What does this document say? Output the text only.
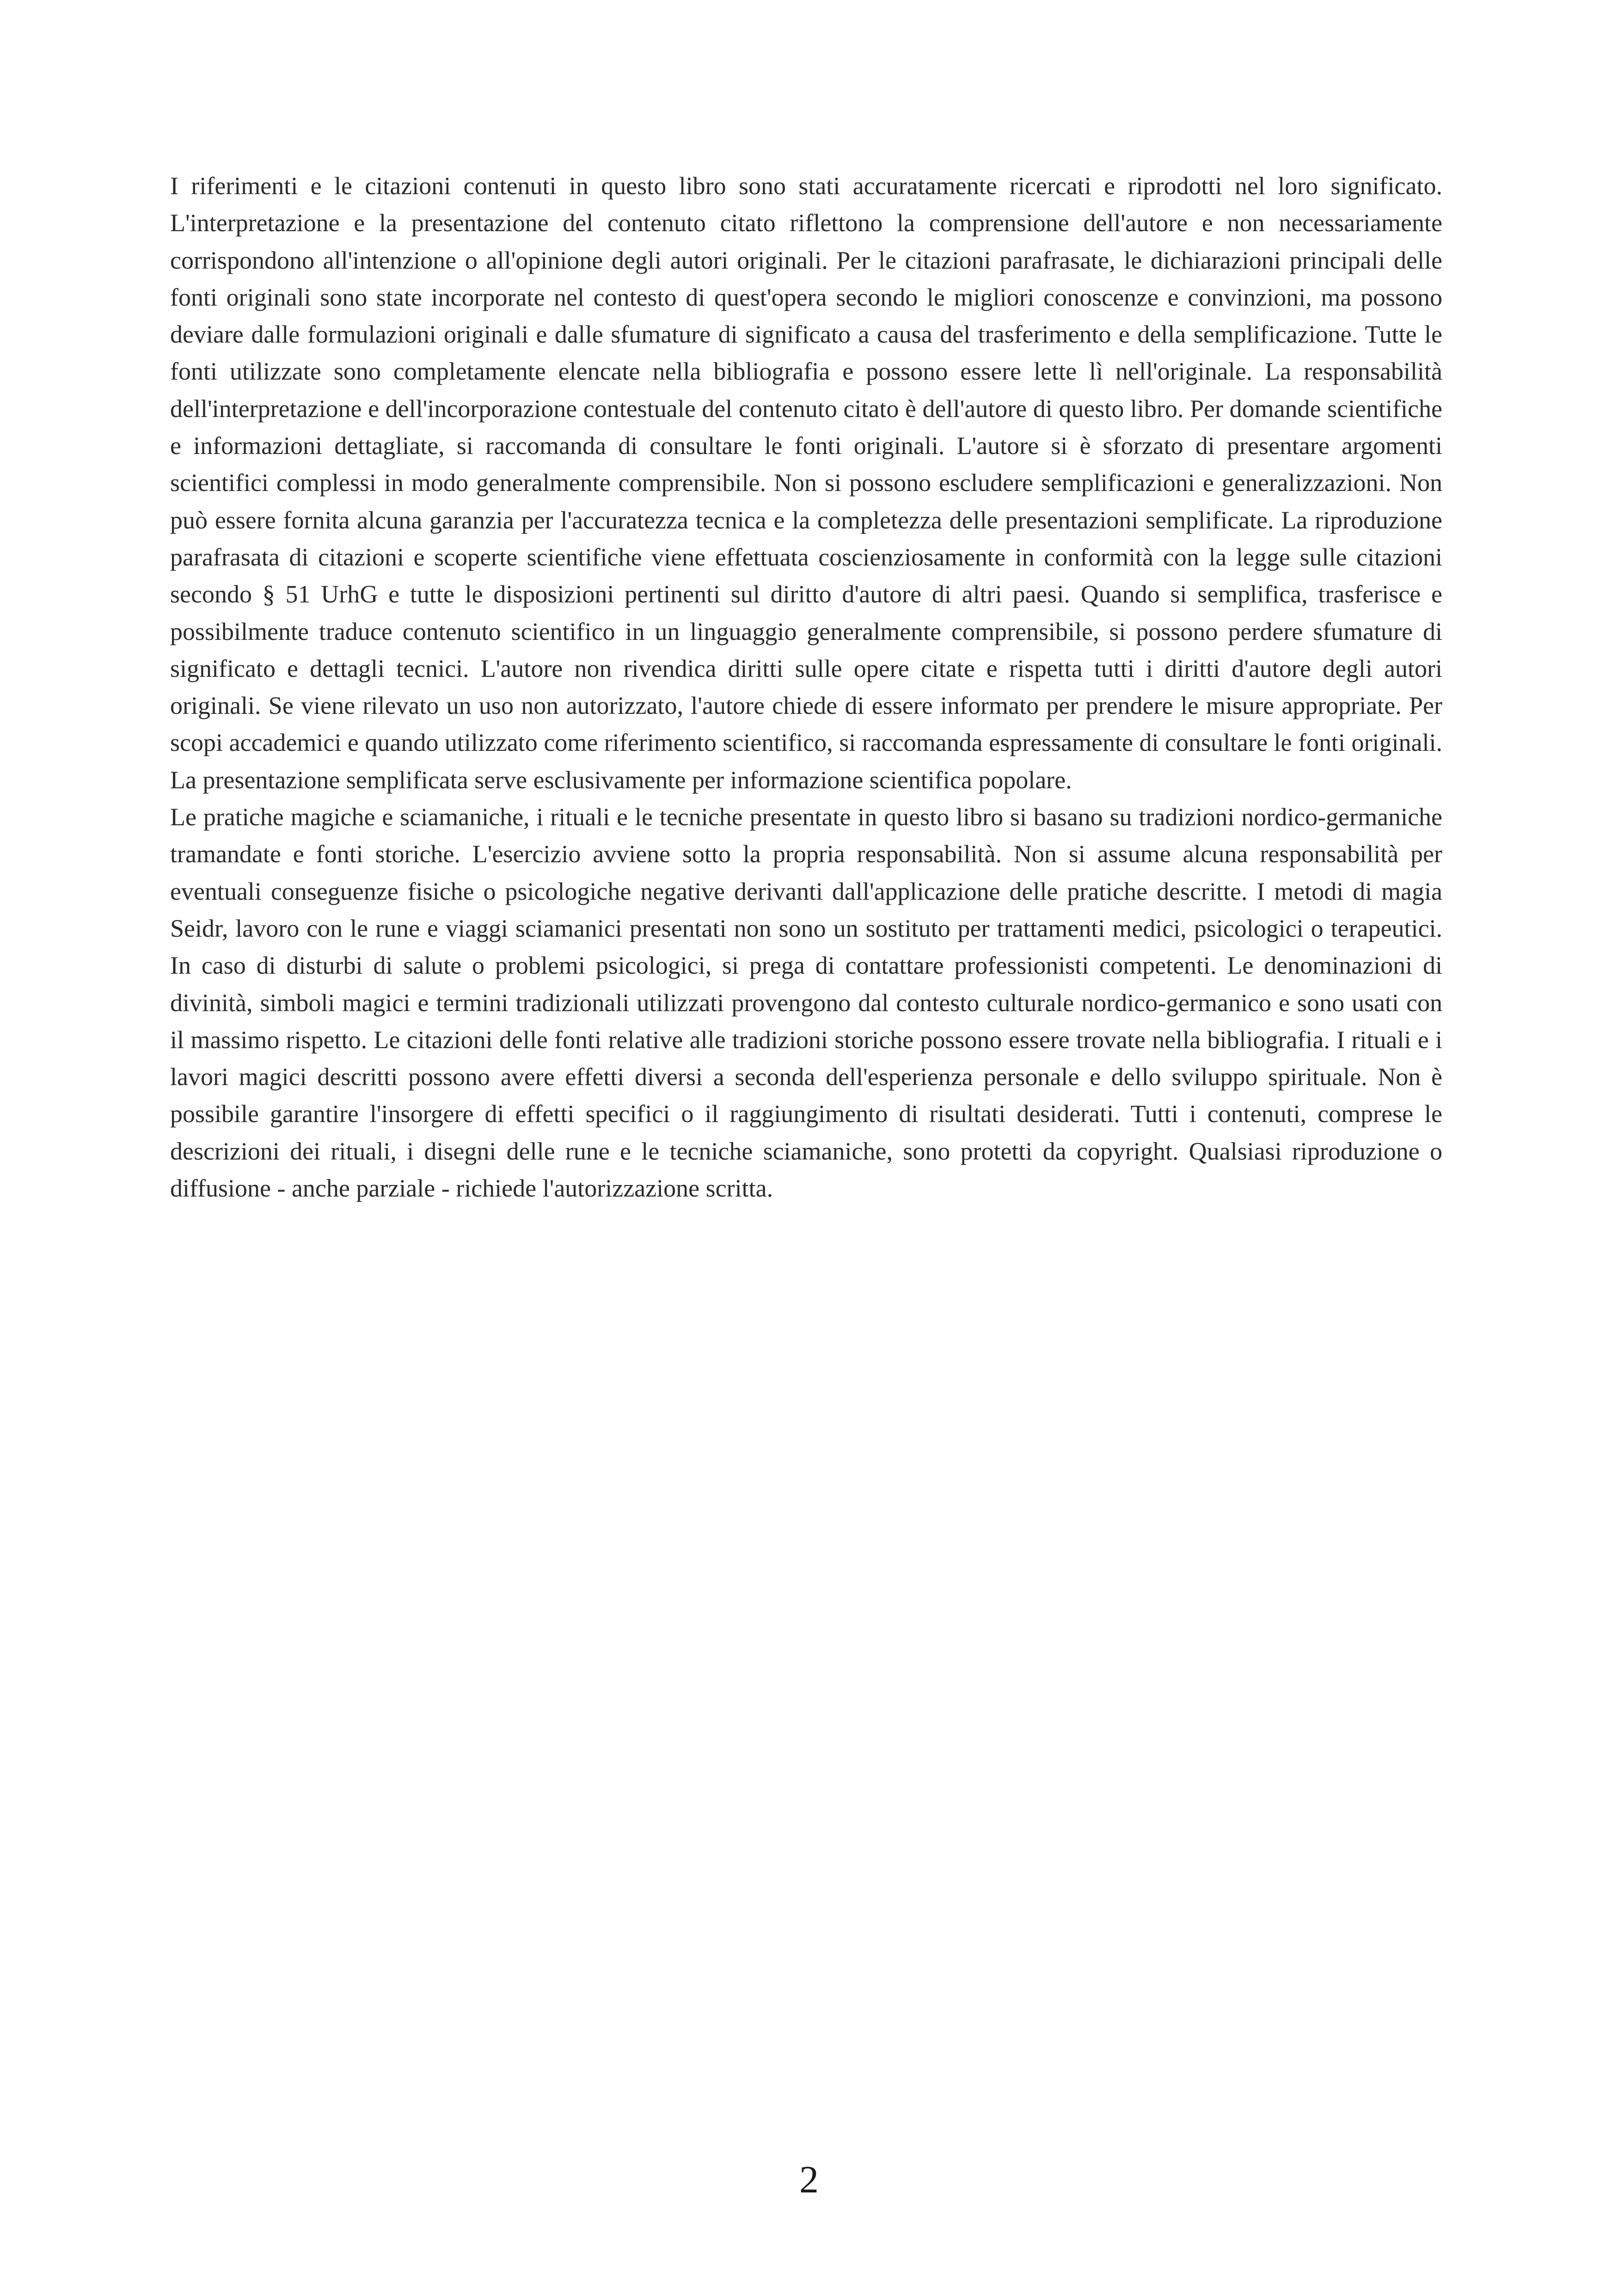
I riferimenti e le citazioni contenuti in questo libro sono stati accuratamente ricercati e riprodotti nel loro significato. L'interpretazione e la presentazione del contenuto citato riflettono la comprensione dell'autore e non necessariamente corrispondono all'intenzione o all'opinione degli autori originali. Per le citazioni parafrasate, le dichiarazioni principali delle fonti originali sono state incorporate nel contesto di quest'opera secondo le migliori conoscenze e convinzioni, ma possono deviare dalle formulazioni originali e dalle sfumature di significato a causa del trasferimento e della semplificazione. Tutte le fonti utilizzate sono completamente elencate nella bibliografia e possono essere lette lì nell'originale. La responsabilità dell'interpretazione e dell'incorporazione contestuale del contenuto citato è dell'autore di questo libro. Per domande scientifiche e informazioni dettagliate, si raccomanda di consultare le fonti originali. L'autore si è sforzato di presentare argomenti scientifici complessi in modo generalmente comprensibile. Non si possono escludere semplificazioni e generalizzazioni. Non può essere fornita alcuna garanzia per l'accuratezza tecnica e la completezza delle presentazioni semplificate. La riproduzione parafrasata di citazioni e scoperte scientifiche viene effettuata coscienziosamente in conformità con la legge sulle citazioni secondo § 51 UrhG e tutte le disposizioni pertinenti sul diritto d'autore di altri paesi. Quando si semplifica, trasferisce e possibilmente traduce contenuto scientifico in un linguaggio generalmente comprensibile, si possono perdere sfumature di significato e dettagli tecnici. L'autore non rivendica diritti sulle opere citate e rispetta tutti i diritti d'autore degli autori originali. Se viene rilevato un uso non autorizzato, l'autore chiede di essere informato per prendere le misure appropriate. Per scopi accademici e quando utilizzato come riferimento scientifico, si raccomanda espressamente di consultare le fonti originali. La presentazione semplificata serve esclusivamente per informazione scientifica popolare.

Le pratiche magiche e sciamaniche, i rituali e le tecniche presentate in questo libro si basano su tradizioni nordico-germaniche tramandate e fonti storiche. L'esercizio avviene sotto la propria responsabilità. Non si assume alcuna responsabilità per eventuali conseguenze fisiche o psicologiche negative derivanti dall'applicazione delle pratiche descritte. I metodi di magia Seidr, lavoro con le rune e viaggi sciamanici presentati non sono un sostituto per trattamenti medici, psicologici o terapeutici. In caso di disturbi di salute o problemi psicologici, si prega di contattare professionisti competenti. Le denominazioni di divinità, simboli magici e termini tradizionali utilizzati provengono dal contesto culturale nordico-germanico e sono usati con il massimo rispetto. Le citazioni delle fonti relative alle tradizioni storiche possono essere trovate nella bibliografia. I rituali e i lavori magici descritti possono avere effetti diversi a seconda dell'esperienza personale e dello sviluppo spirituale. Non è possibile garantire l'insorgere di effetti specifici o il raggiungimento di risultati desiderati. Tutti i contenuti, comprese le descrizioni dei rituali, i disegni delle rune e le tecniche sciamaniche, sono protetti da copyright. Qualsiasi riproduzione o diffusione - anche parziale - richiede l'autorizzazione scritta.

2
